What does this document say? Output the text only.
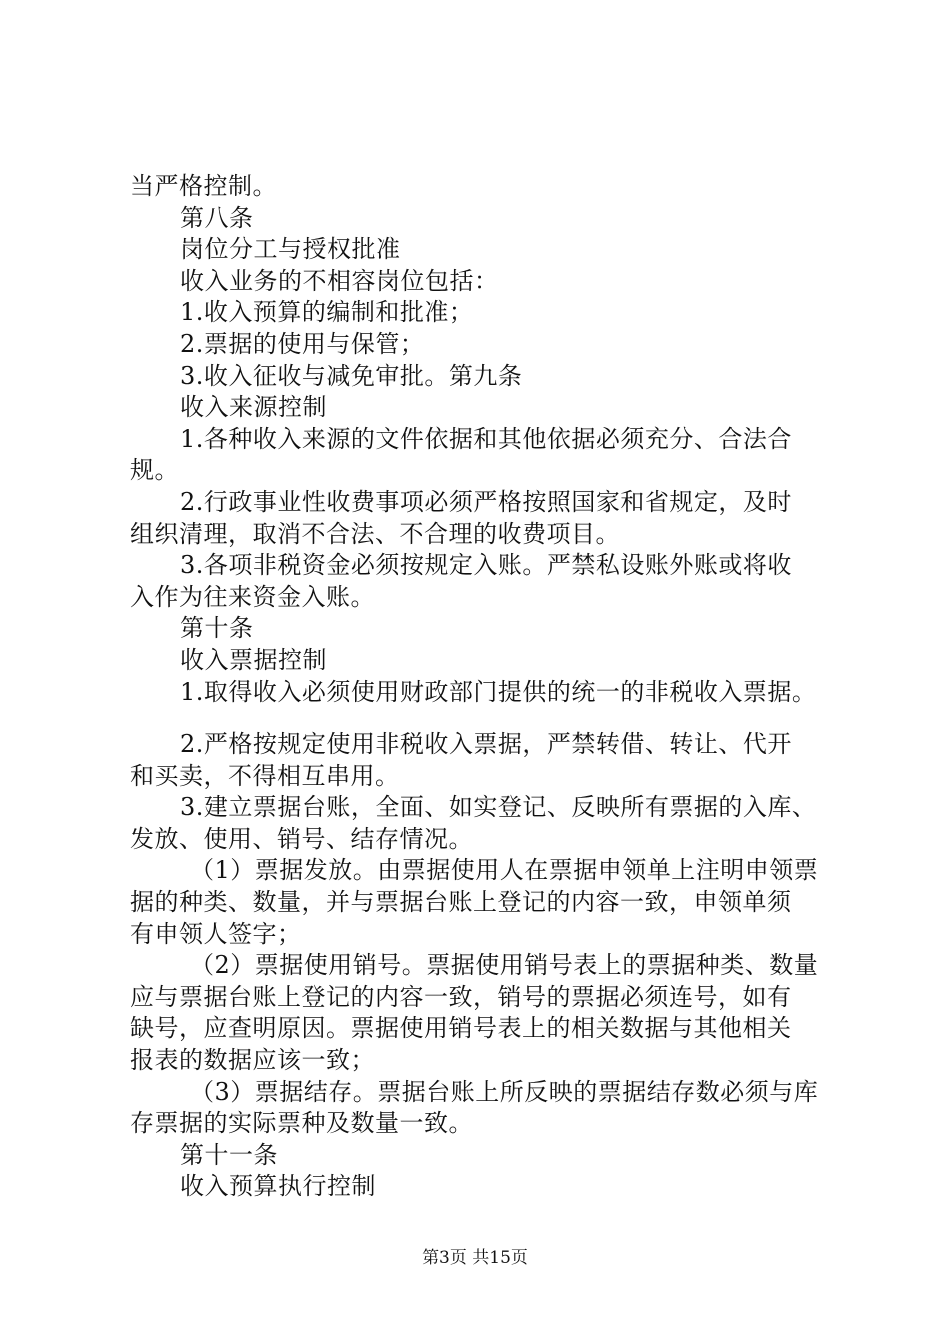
当严格控制。
第八条
岗位分工与授权批准
收入业务的不相容岗位包括：
1.收入预算的编制和批准；
2.票据的使用与保管；
3.收入征收与减免审批。第九条
收入来源控制
1.各种收入来源的文件依据和其他依据必须充分、合法合
规。
2.行政事业性收费事项必须严格按照国家和省规定，及时
组织清理，取消不合法、不合理的收费项目。
3.各项非税资金必须按规定入账。严禁私设账外账或将收
入作为往来资金入账。
第十条
收入票据控制
1.取得收入必须使用财政部门提供的统一的非税收入票据。
2.严格按规定使用非税收入票据，严禁转借、转让、代开
和买卖，不得相互串用。
3.建立票据台账，全面、如实登记、反映所有票据的入库、
发放、使用、销号、结存情况。
（1）票据发放。由票据使用人在票据申领单上注明申领票
据的种类、数量，并与票据台账上登记的内容一致，申领单须
有申领人签字；
（2）票据使用销号。票据使用销号表上的票据种类、数量
应与票据台账上登记的内容一致，销号的票据必须连号，如有
缺号，应查明原因。票据使用销号表上的相关数据与其他相关
报表的数据应该一致；
（3）票据结存。票据台账上所反映的票据结存数必须与库
存票据的实际票种及数量一致。
第十一条
收入预算执行控制
第3页 共15页
